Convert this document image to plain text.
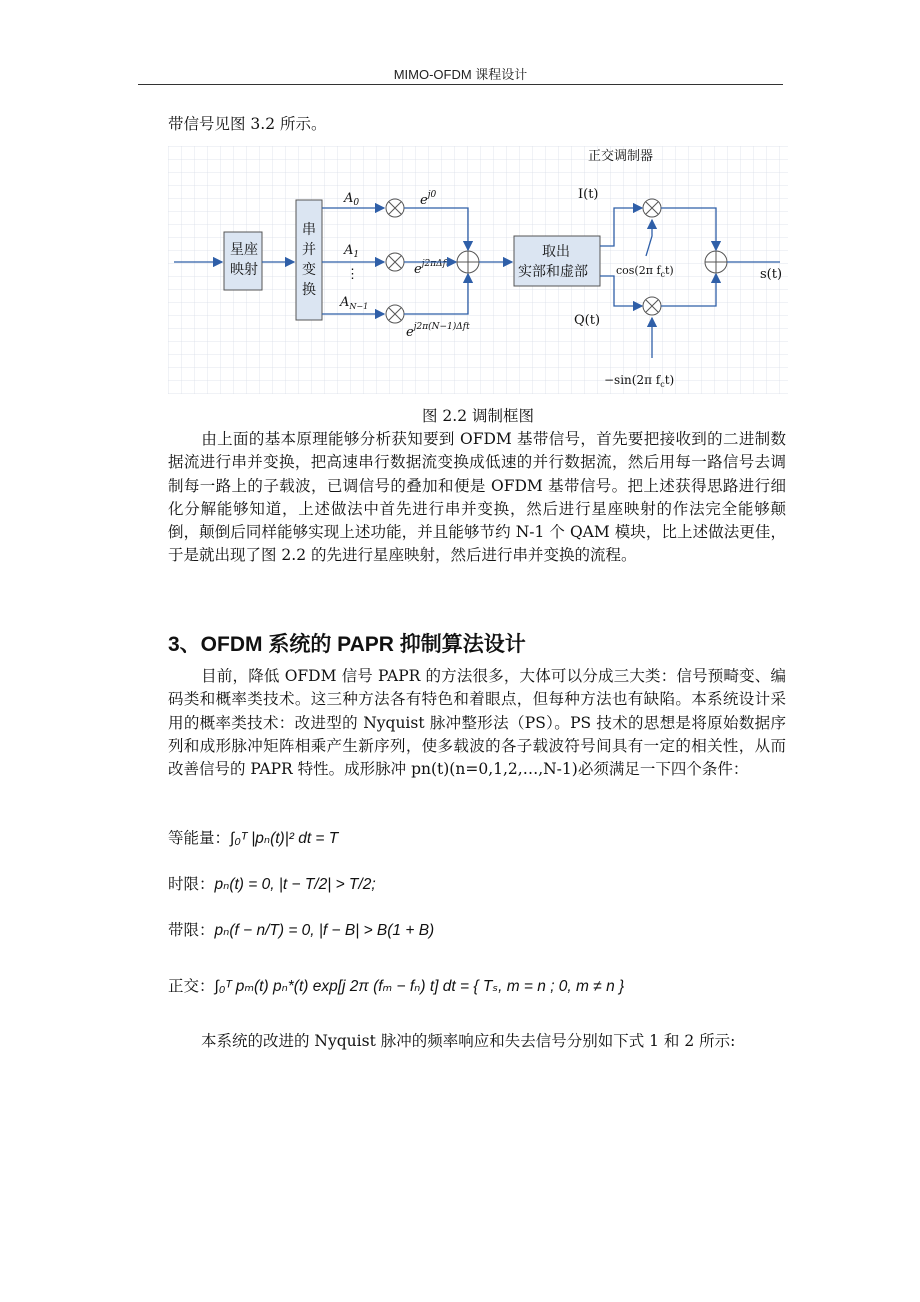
MIMO-OFDM 课程设计
带信号见图 3.2 所示。
正交调制器
星座
映射
串
并
变
换
$A_0$
$A_1$
⋮
$A_{N-1}$
$e^{j0}$
$e^{j2\pi\Delta ft}$
$e^{j2\pi(N-1)\Delta ft}$
取出
实部和虚部
I(t)
cos(2π $f_ct$)
Q(t)
−sin(2π $f_ct$)
s(t)
图 2.2 调制框图

由上面的基本原理能够分析获知要到 OFDM 基带信号，首先要把接收到的二进制数据流进行串并变换，把高速串行数据流变换成低速的并行数据流，然后用每一路信号去调制每一路上的子载波，已调信号的叠加和便是 OFDM 基带信号。把上述获得思路进行细化分解能够知道，上述做法中首先进行串并变换，然后进行星座映射的作法完全能够颠倒，颠倒后同样能够实现上述功能，并且能够节约 N-1 个 QAM 模块，比上述做法更佳，于是就出现了图 2.2 的先进行星座映射，然后进行串并变换的流程。

3、OFDM 系统的 PAPR 抑制算法设计

目前，降低 OFDM 信号 PAPR 的方法很多，大体可以分成三大类：信号预畸变、编码类和概率类技术。这三种方法各有特色和着眼点，但每种方法也有缺陷。本系统设计采用的概率类技术：改进型的 Nyquist 脉冲整形法（PS）。PS 技术的思想是将原始数据序列和成形脉冲矩阵相乘产生新序列，使多载波的各子载波符号间具有一定的相关性，从而改善信号的 PAPR 特性。成形脉冲 pn(t)(n=0,1,2,…,N-1)必须满足一下四个条件：

等能量：∫₀ᵀ |pₙ(t)|² dt = T
时限：pₙ(t) = 0, |t − T/2| > T/2;
带限：pₙ(f − n/T) = 0, |f − B| > B(1 + B)
正交：∫₀ᵀ pₘ(t) pₙ*(t) exp[j 2π (fₘ − fₙ) t] dt = { Tₛ, m = n ; 0, m ≠ n }

本系统的改进的 Nyquist 脉冲的频率响应和失去信号分别如下式 1 和 2 所示:
